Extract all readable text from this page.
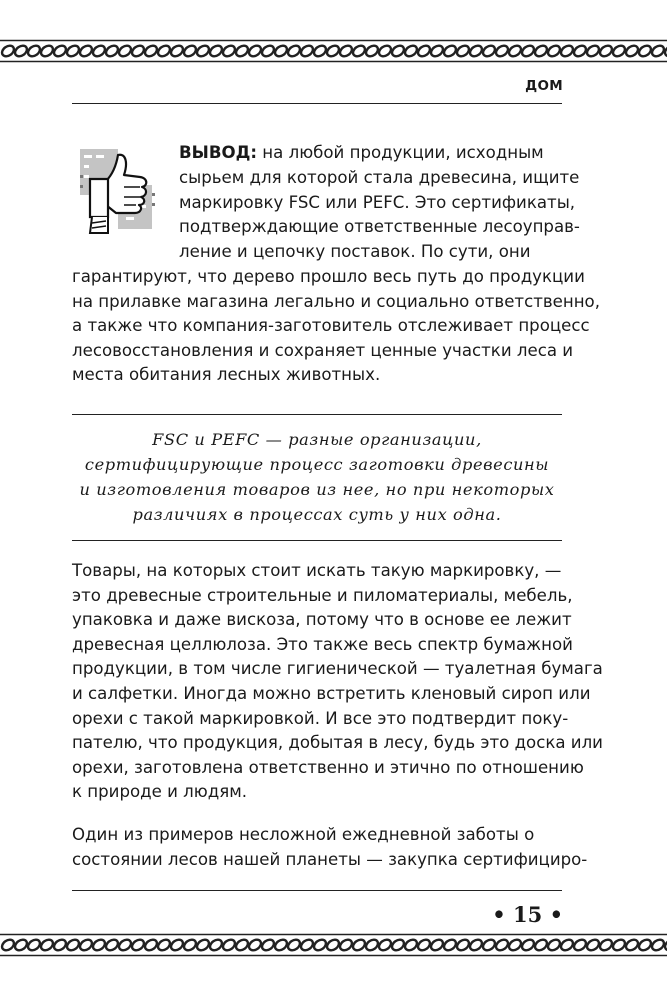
ДОМ
ВЫВОД: на любой продукции, исходным
сырьем для которой стала древесина, ищите
маркировку FSC или PEFC. Это сертификаты,
подтверждающие ответственные лесоуправ-
ление и цепочку поставок. По сути, они
гарантируют, что дерево прошло весь путь до продукции
на прилавке магазина легально и социально ответственно,
а также что компания-заготовитель отслеживает процесс
лесовосстановления и сохраняет ценные участки леса и
места обитания лесных животных.
FSC и PEFC — разные организации,
сертифицирующие процесс заготовки древесины
и изготовления товаров из нее, но при некоторых
различиях в процессах суть у них одна.
Товары, на которых стоит искать такую маркировку, —
это древесные строительные и пиломатериалы, мебель,
упаковка и даже вискоза, потому что в основе ее лежит
древесная целлюлоза. Это также весь спектр бумажной
продукции, в том числе гигиенической — туалетная бумага
и салфетки. Иногда можно встретить кленовый сироп или
орехи с такой маркировкой. И все это подтвердит поку-
пателю, что продукция, добытая в лесу, будь это доска или
орехи, заготовлена ответственно и этично по отношению
к природе и людям.
Один из примеров несложной ежедневной заботы о
состоянии лесов нашей планеты — закупка сертифициро-
• 15 •
